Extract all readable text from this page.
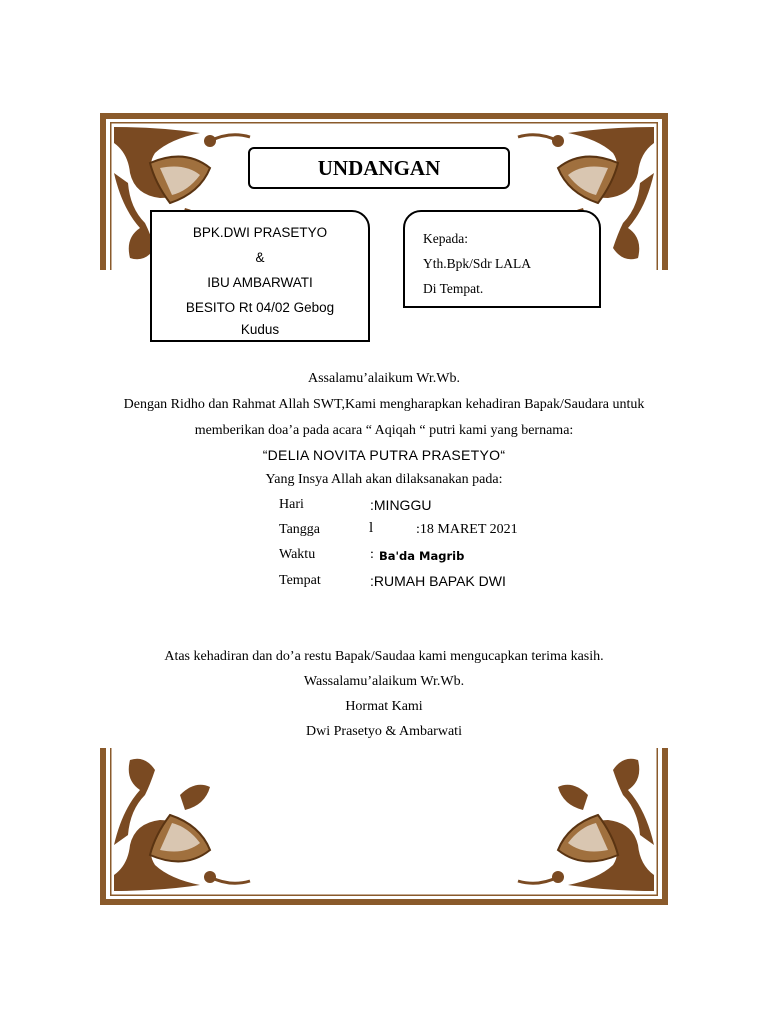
UNDANGAN
BPK.DWI PRASETYO
&
IBU AMBARWATI
BESITO Rt 04/02 Gebog
Kudus
Kepada:
Yth.Bpk/Sdr LALA
Di Tempat.
Assalamu’alaikum Wr.Wb.
Dengan Ridho dan Rahmat Allah SWT,Kami mengharapkan kehadiran Bapak/Saudara untuk
memberikan doa’a pada acara “ Aqiqah “ putri kami yang bernama:
“DELIA NOVITA PUTRA PRASETYO“
Yang Insya Allah akan dilaksanakan pada:
Hari	:MINGGU
Tangga	l	:18 MARET 2021
Waktu	: Ba'da Magrib
Tempat	:RUMAH BAPAK DWI
Atas kehadiran dan do’a restu Bapak/Saudaa kami mengucapkan terima kasih.
Wassalamu’alaikum Wr.Wb.
Hormat Kami
Dwi Prasetyo & Ambarwati
